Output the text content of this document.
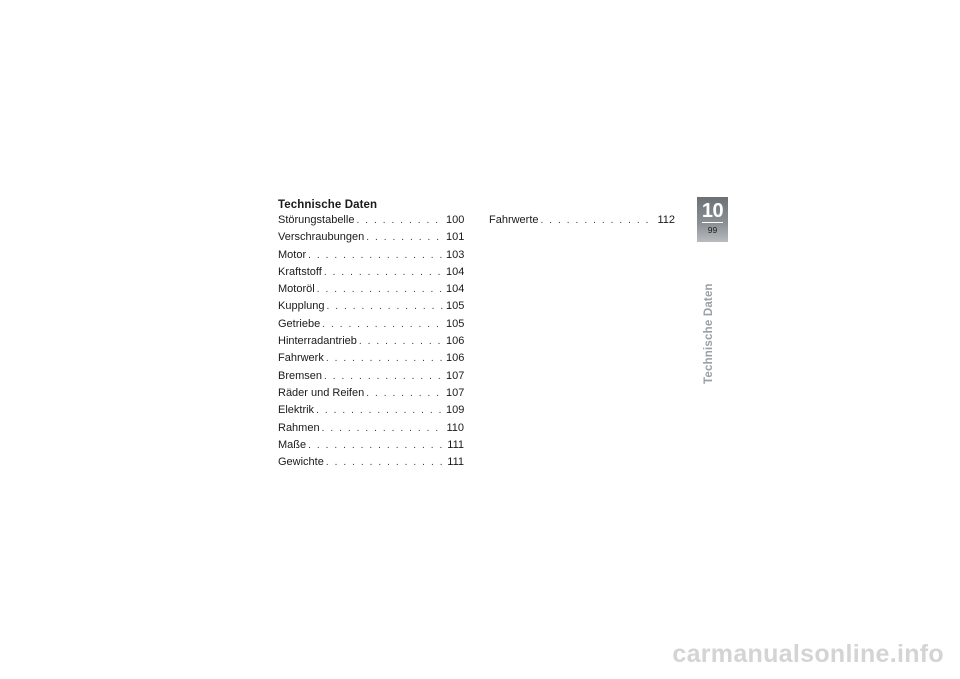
Technische Daten
Störungstabelle . . .	100
Verschraubungen . . .	101
Motor . . .	103
Kraftstoff . . .	104
Motoröl . . .	104
Kupplung . . .	105
Getriebe . . .	105
Hinterradantrieb . . .	106
Fahrwerk . . .	106
Bremsen . . .	107
Räder und Reifen . . .	107
Elektrik . . .	109
Rahmen . . .	110
Maße . . .	111
Gewichte . . .	111
Fahrwerte . . .	112 10
99
Technische Daten
carmanualsonline.info
